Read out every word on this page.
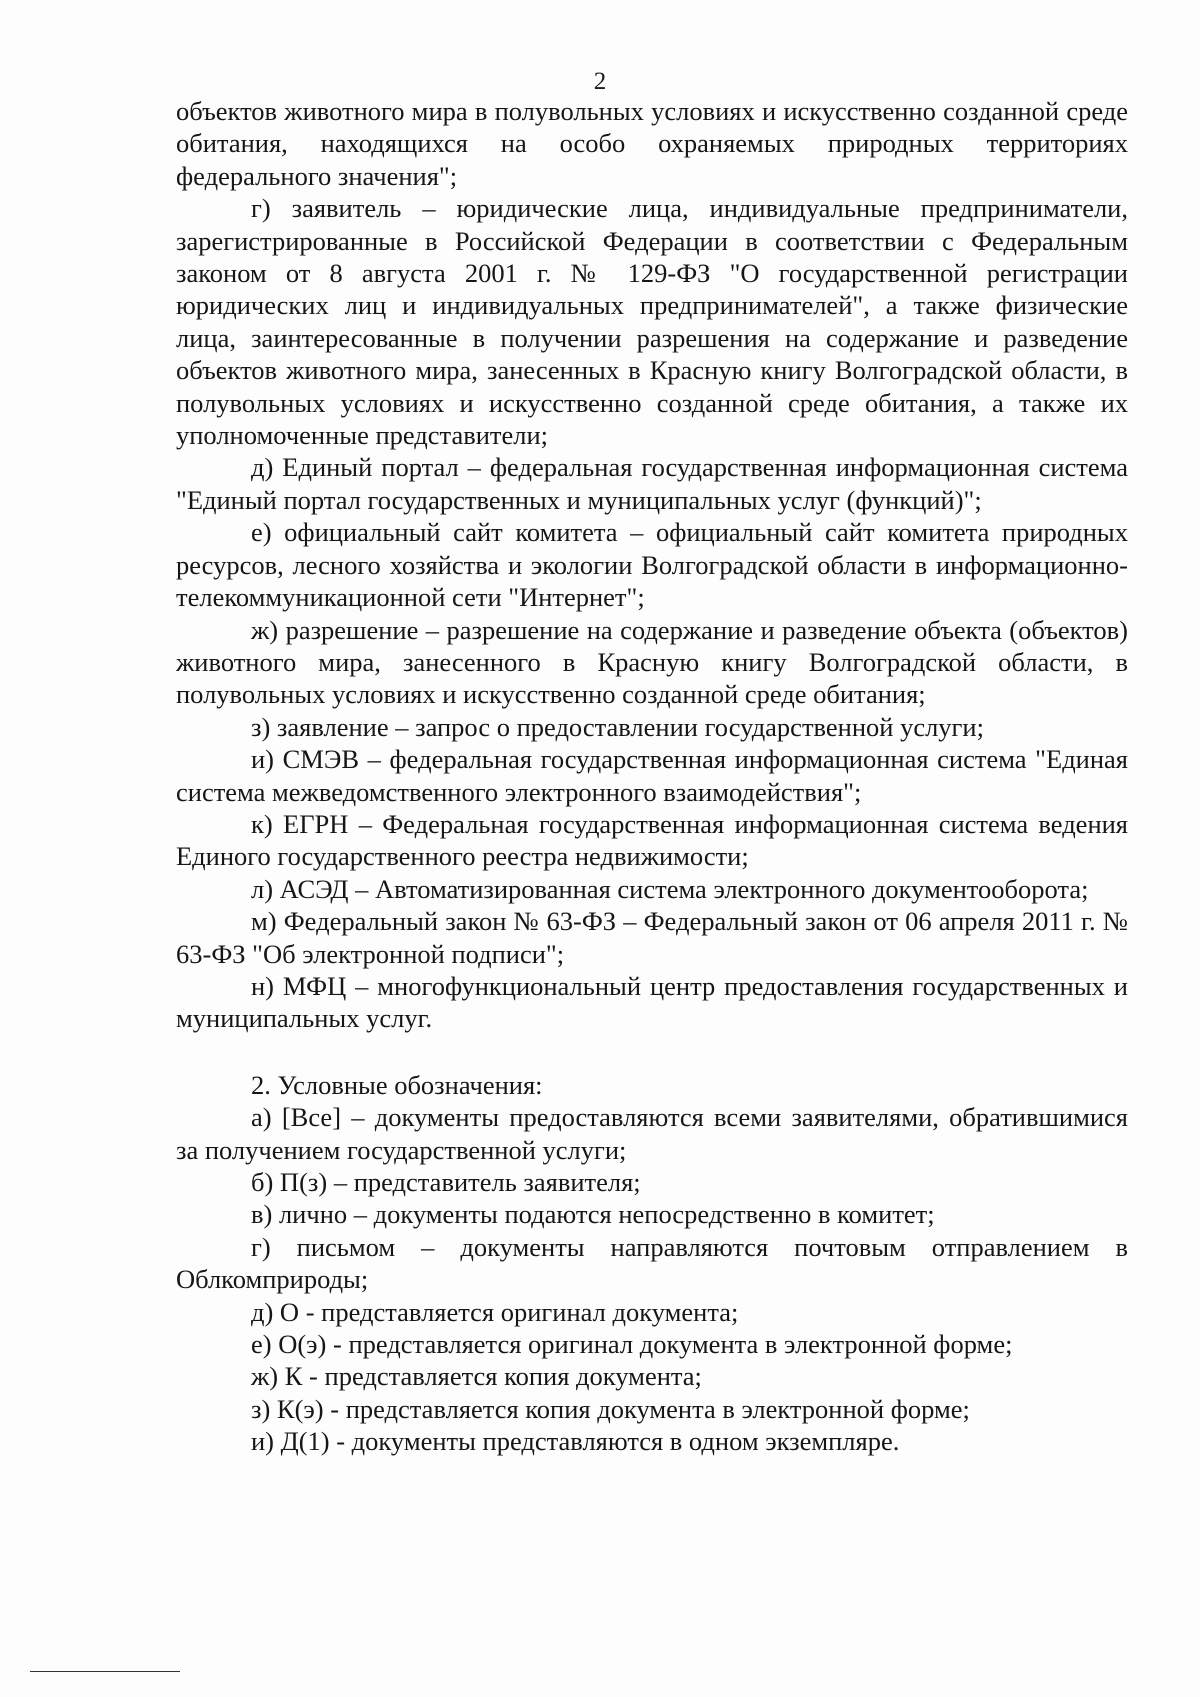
2

объектов животного мира в полувольных условиях и искусственно созданной среде обитания, находящихся на особо охраняемых природных территориях федерального значения";

г) заявитель – юридические лица, индивидуальные предприниматели, зарегистрированные в Российской Федерации в соответствии с Федеральным законом от 8 августа 2001 г. № 129-ФЗ "О государственной регистрации юридических лиц и индивидуальных предпринимателей", а также физические лица, заинтересованные в получении разрешения на содержание и разведение объектов животного мира, занесенных в Красную книгу Волгоградской области, в полувольных условиях и искусственно созданной среде обитания, а также их уполномоченные представители;

д) Единый портал – федеральная государственная информационная система "Единый портал государственных и муниципальных услуг (функций)";

е) официальный сайт комитета – официальный сайт комитета природных ресурсов, лесного хозяйства и экологии Волгоградской области в информационно-телекоммуникационной сети "Интернет";

ж) разрешение – разрешение на содержание и разведение объекта (объектов) животного мира, занесенного в Красную книгу Волгоградской области, в полувольных условиях и искусственно созданной среде обитания;

з) заявление – запрос о предоставлении государственной услуги;

и) СМЭВ – федеральная государственная информационная система "Единая система межведомственного электронного взаимодействия";

к) ЕГРН – Федеральная государственная информационная система ведения Единого государственного реестра недвижимости;

л) АСЭД – Автоматизированная система электронного документооборота;

м) Федеральный закон № 63-ФЗ – Федеральный закон от 06 апреля 2011 г. № 63-ФЗ "Об электронной подписи";

н) МФЦ – многофункциональный центр предоставления государственных и муниципальных услуг.

2. Условные обозначения:

а) [Все] – документы предоставляются всеми заявителями, обратившимися за получением государственной услуги;

б) П(з) – представитель заявителя;

в) лично – документы подаются непосредственно в комитет;

г) письмом – документы направляются почтовым отправлением в Облкомприроды;

д) О - представляется оригинал документа;

е) О(э) - представляется оригинал документа в электронной форме;

ж) К - представляется копия документа;

з) К(э) - представляется копия документа в электронной форме;

и) Д(1) - документы представляются в одном экземпляре.
